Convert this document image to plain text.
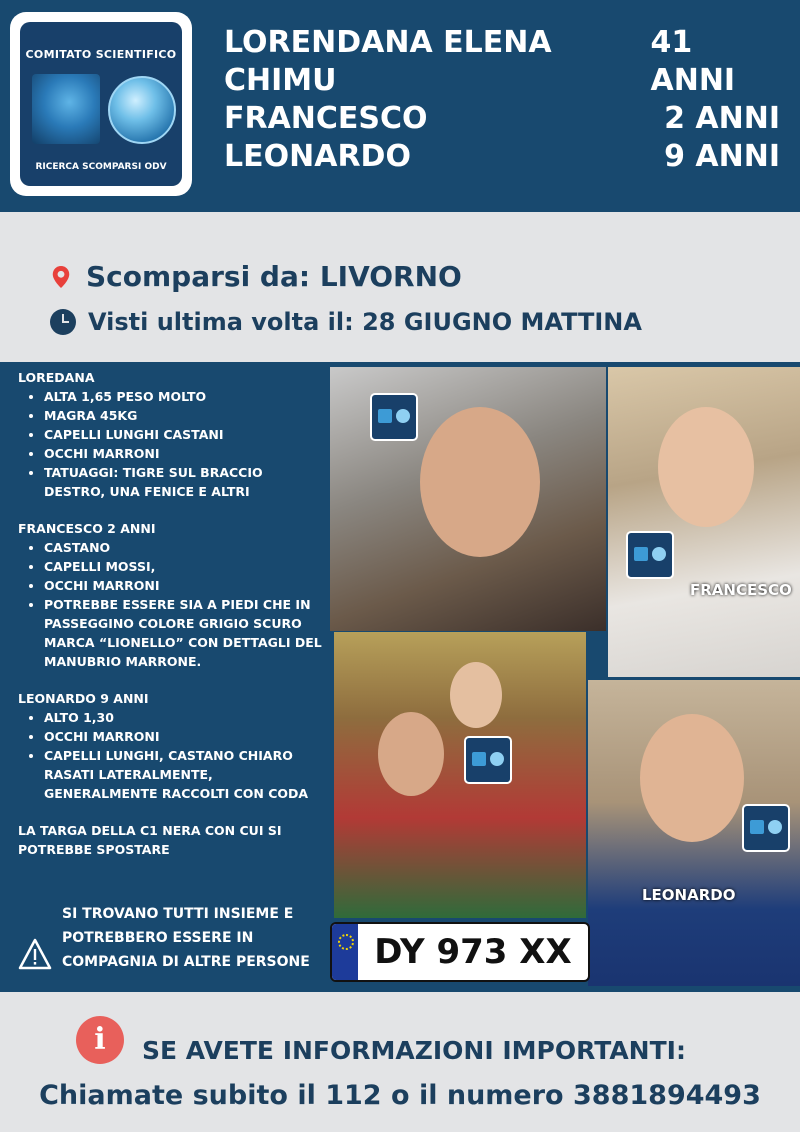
COMITATO SCIENTIFICO
RICERCA SCOMPARSI ODV
LORENDANA ELENA CHIMU
41 ANNI
FRANCESCO	2 ANNI
LEONARDO	9 ANNI
Scomparsi da: LIVORNO
Visti ultima volta il: 28 GIUGNO MATTINA
LOREDANA
• ALTA 1,65 PESO MOLTO
• MAGRA 45KG
• CAPELLI LUNGHI CASTANI
• OCCHI MARRONI
• TATUAGGI: TIGRE SUL BRACCIO DESTRO, UNA FENICE E ALTRI
FRANCESCO 2 ANNI
• CASTANO
• CAPELLI MOSSI,
• OCCHI MARRONI
• POTREBBE ESSERE SIA A PIEDI CHE IN PASSEGGINO COLORE GRIGIO SCURO MARCA “LIONELLO” CON DETTAGLI DEL MANUBRIO MARRONE.
LEONARDO 9 ANNI
• ALTO 1,30
• OCCHI MARRONI
• CAPELLI LUNGHI, CASTANO CHIARO RASATI LATERALMENTE, GENERALMENTE RACCOLTI CON CODA

LA TARGA DELLA C1 NERA CON CUI SI POTREBBE SPOSTARE

FRANCESCO
LEONARDO
DY 973 XX
SI TROVANO TUTTI INSIEME E POTREBBERO ESSERE IN COMPAGNIA DI ALTRE PERSONE
i	SE AVETE INFORMAZIONI IMPORTANTI:
Chiamate subito il 112 o il numero 3881894493
